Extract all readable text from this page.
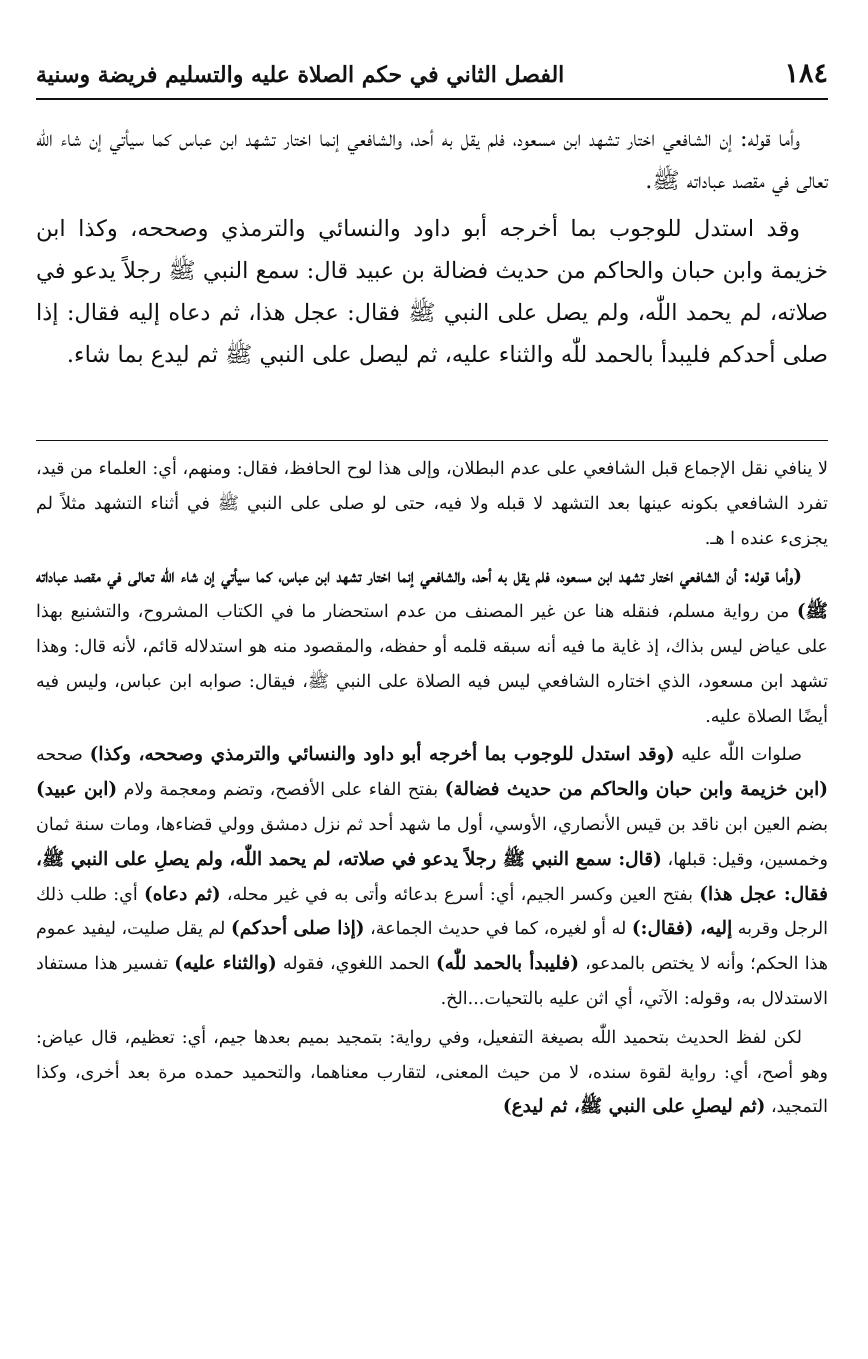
١٨٤
الفصل الثاني في حكم الصلاة عليه والتسليم فريضة وسنية

وأما قوله: إن الشافعي اختار تشهد ابن مسعود، فلم يقل به أحد، والشافعي إنما اختار تشهد ابن عباس كما سيأتي إن شاء اللّٰه تعالى في مقصد عباداته ﷺ.

وقد استدل للوجوب بما أخرجه أبو داود والنسائي والترمذي وصححه، وكذا ابن خزيمة وابن حبان والحاكم من حديث فضالة بن عبيد قال: سمع النبي ﷺ رجلاً يدعو في صلاته، لم يحمد اللّٰه، ولم يصل على النبي ﷺ فقال: عجل هذا، ثم دعاه إليه فقال: إذا صلى أحدكم فليبدأ بالحمد للّٰه والثناء عليه، ثم ليصل على النبي ﷺ ثم ليدع بما شاء.

لا ينافي نقل الإجماع قبل الشافعي على عدم البطلان، وإلى هذا لوح الحافظ، فقال: ومنهم، أي: العلماء من قيد، تفرد الشافعي بكونه عينها بعد التشهد لا قبله ولا فيه، حتى لو صلى على النبي ﷺ في أثناء التشهد مثلاً لم يجزىء عنده ا هـ.

(وأما قوله: أن الشافعي اختار تشهد ابن مسعود، فلم يقل به أحد، والشافعي إنما اختار تشهد ابن عباس، كما سيأتي إن شاء اللّٰه تعالى في مقصد عباداته ﷺ) من رواية مسلم، فنقله هنا عن غير المصنف من عدم استحضار ما في الكتاب المشروح، والتشنيع بهذا على عياض ليس بذاك، إذ غاية ما فيه أنه سبقه قلمه أو حفظه، والمقصود منه هو استدلاله قائم، لأنه قال: وهذا تشهد ابن مسعود، الذي اختاره الشافعي ليس فيه الصلاة على النبي ﷺ، فيقال: صوابه ابن عباس، وليس فيه أيضًا الصلاة عليه.

صلوات اللّٰه عليه (وقد استدل للوجوب بما أخرجه أبو داود والنسائي والترمذي وصححه، وكذا) صححه (ابن خزيمة وابن حبان والحاكم من حديث فضالة) بفتح الفاء على الأفصح، وتضم ومعجمة ولام (ابن عبيد) بضم العين ابن ناقد بن قيس الأنصاري، الأوسي، أول ما شهد أحد ثم نزل دمشق وولي قضاءها، ومات سنة ثمان وخمسين، وقيل: قبلها، (قال: سمع النبي ﷺ رجلاً يدعو في صلاته، لم يحمد اللّٰه، ولم يصلِ على النبي ﷺ، فقال: عجل هذا) بفتح العين وكسر الجيم، أي: أسرع بدعائه وأتى به في غير محله، (ثم دعاه) أي: طلب ذلك الرجل وقربه إليه، (فقال:) له أو لغيره، كما في حديث الجماعة، (إذا صلى أحدكم) لم يقل صليت، ليفيد عموم هذا الحكم؛ وأنه لا يختص بالمدعو، (فليبدأ بالحمد للّٰه) الحمد اللغوي، فقوله (والثناء عليه) تفسير هذا مستفاد الاستدلال به، وقوله: الآتي، أي اثن عليه بالتحيات...الخ.

لكن لفظ الحديث بتحميد اللّٰه بصيغة التفعيل، وفي رواية: بتمجيد بميم بعدها جيم، أي: تعظيم، قال عياض: وهو أصح، أي: رواية لقوة سنده، لا من حيث المعنى، لتقارب معناهما، والتحميد حمده مرة بعد أخرى، وكذا التمجيد، (ثم ليصلِ على النبي ﷺ، ثم ليدع)
